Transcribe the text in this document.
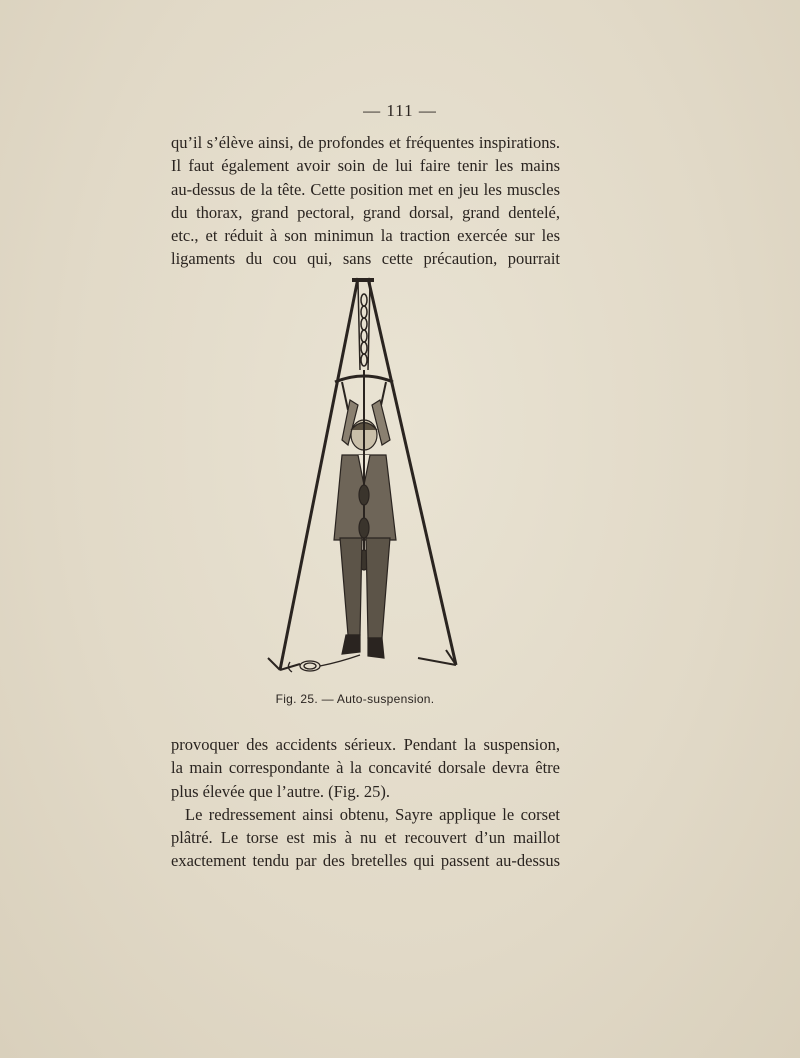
— 111 —

qu’il s’élève ainsi, de profondes et fréquentes inspirations.

Il faut également avoir soin de lui faire tenir les mains

au-dessus de la tête. Cette position met en jeu les muscles

du thorax, grand pectoral, grand dorsal, grand dentelé,

etc., et réduit à son minimun la traction exercée sur les

ligaments du cou qui, sans cette précaution, pourrait

Fig. 25. — Auto-suspension.

provoquer des accidents sérieux. Pendant la suspension,

la main correspondante à la concavité dorsale devra être

plus élevée que l’autre. (Fig. 25).

Le redressement ainsi obtenu, Sayre applique le corset

plâtré. Le torse est mis à nu et recouvert d’un maillot

exactement tendu par des bretelles qui passent au-dessus
